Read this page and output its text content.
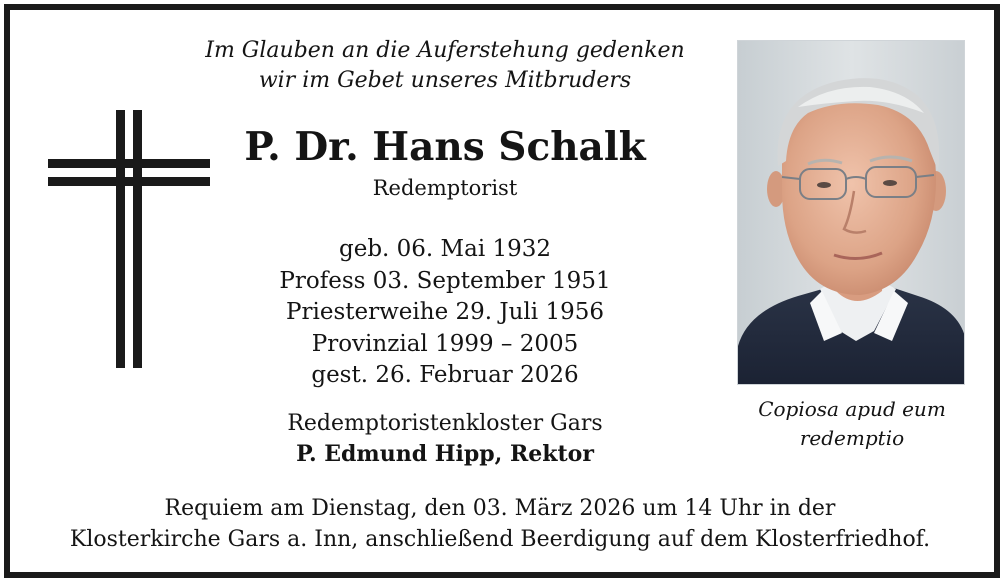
Im Glauben an die Auferstehung gedenken
wir im Gebet unseres Mitbruders
P. Dr. Hans Schalk
Redemptorist
geb. 06. Mai 1932
Profess 03. September 1951
Priesterweihe 29. Juli 1956
Provinzial 1999 – 2005
gest. 26. Februar 2026
Redemptoristenkloster Gars
P. Edmund Hipp, Rektor
Requiem am Dienstag, den 03. März 2026 um 14 Uhr in der
Klosterkirche Gars a. Inn, anschließend Beerdigung auf dem Klosterfriedhof.
Copiosa apud eum
redemptio
